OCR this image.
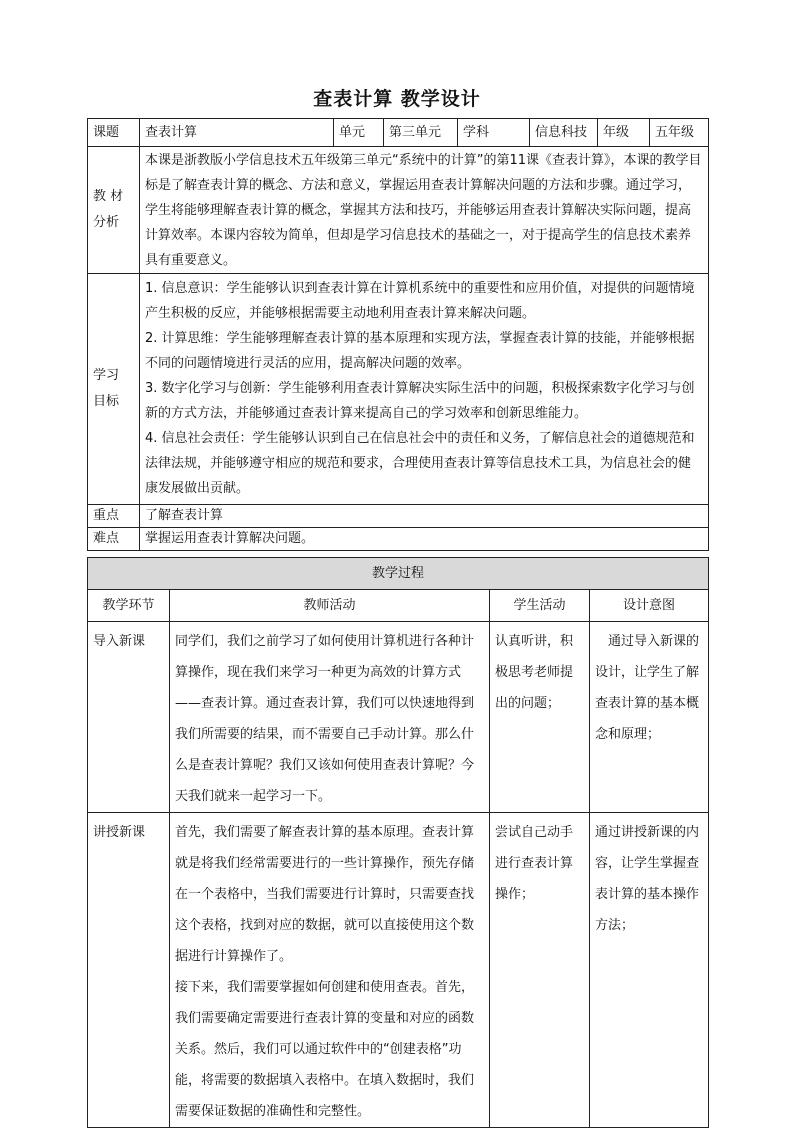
查表计算 教学设计
课题	查表计算	单元	第三单元	学科	信息科技	年级	五年级
教 材 分析	本课是浙教版小学信息技术五年级第三单元“系统中的计算”的第11课《查表计算》，本课的教学目标是了解查表计算的概念、方法和意义，掌握运用查表计算解决问题的方法和步骤。通过学习，学生将能够理解查表计算的概念，掌握其方法和技巧，并能够运用查表计算解决实际问题，提高计算效率。本课内容较为简单，但却是学习信息技术的基础之一，对于提高学生的信息技术素养具有重要意义。						

学习 目标	1. 信息意识：学生能够认识到查表计算在计算机系统中的重要性和应用价值，对提供的问题情境产生积极的反应，并能够根据需要主动地利用查表计算来解决问题。

2. 计算思维：学生能够理解查表计算的基本原理和实现方法，掌握查表计算的技能，并能够根据不同的问题情境进行灵活的应用，提高解决问题的效率。

3. 数字化学习与创新：学生能够利用查表计算解决实际生活中的问题，积极探索数字化学习与创新的方式方法，并能够通过查表计算来提高自己的学习效率和创新思维能力。

4. 信息社会责任：学生能够认识到自己在信息社会中的责任和义务，了解信息社会的道德规范和法律法规，并能够遵守相应的规范和要求，合理使用查表计算等信息技术工具，为信息社会的健康发展做出贡献。						

重点	了解查表计算						
难点	掌握运用查表计算解决问题。						
教学过程			
教学环节	教师活动	学生活动	设计意图
导入新课	同学们，我们之前学习了如何使用计算机进行各种计算操作，现在我们来学习一种更为高效的计算方式——查表计算。通过查表计算，我们可以快速地得到我们所需要的结果，而不需要自己手动计算。那么什么是查表计算呢？我们又该如何使用查表计算呢？今天我们就来一起学习一下。	认真听讲，积极思考老师提出的问题；	通过导入新课的设计，让学生了解查表计算的基本概念和原理；
讲授新课	首先，我们需要了解查表计算的基本原理。查表计算就是将我们经常需要进行的一些计算操作，预先存储在一个表格中，当我们需要进行计算时，只需要查找这个表格，找到对应的数据，就可以直接使用这个数据进行计算操作了。

接下来，我们需要掌握如何创建和使用查表。首先，我们需要确定需要进行查表计算的变量和对应的函数关系。然后，我们可以通过软件中的“创建表格”功能，将需要的数据填入表格中。在填入数据时，我们需要保证数据的准确性和完整性。	尝试自己动手进行查表计算操作；	通过讲授新课的内容，让学生掌握查表计算的基本操作方法；
